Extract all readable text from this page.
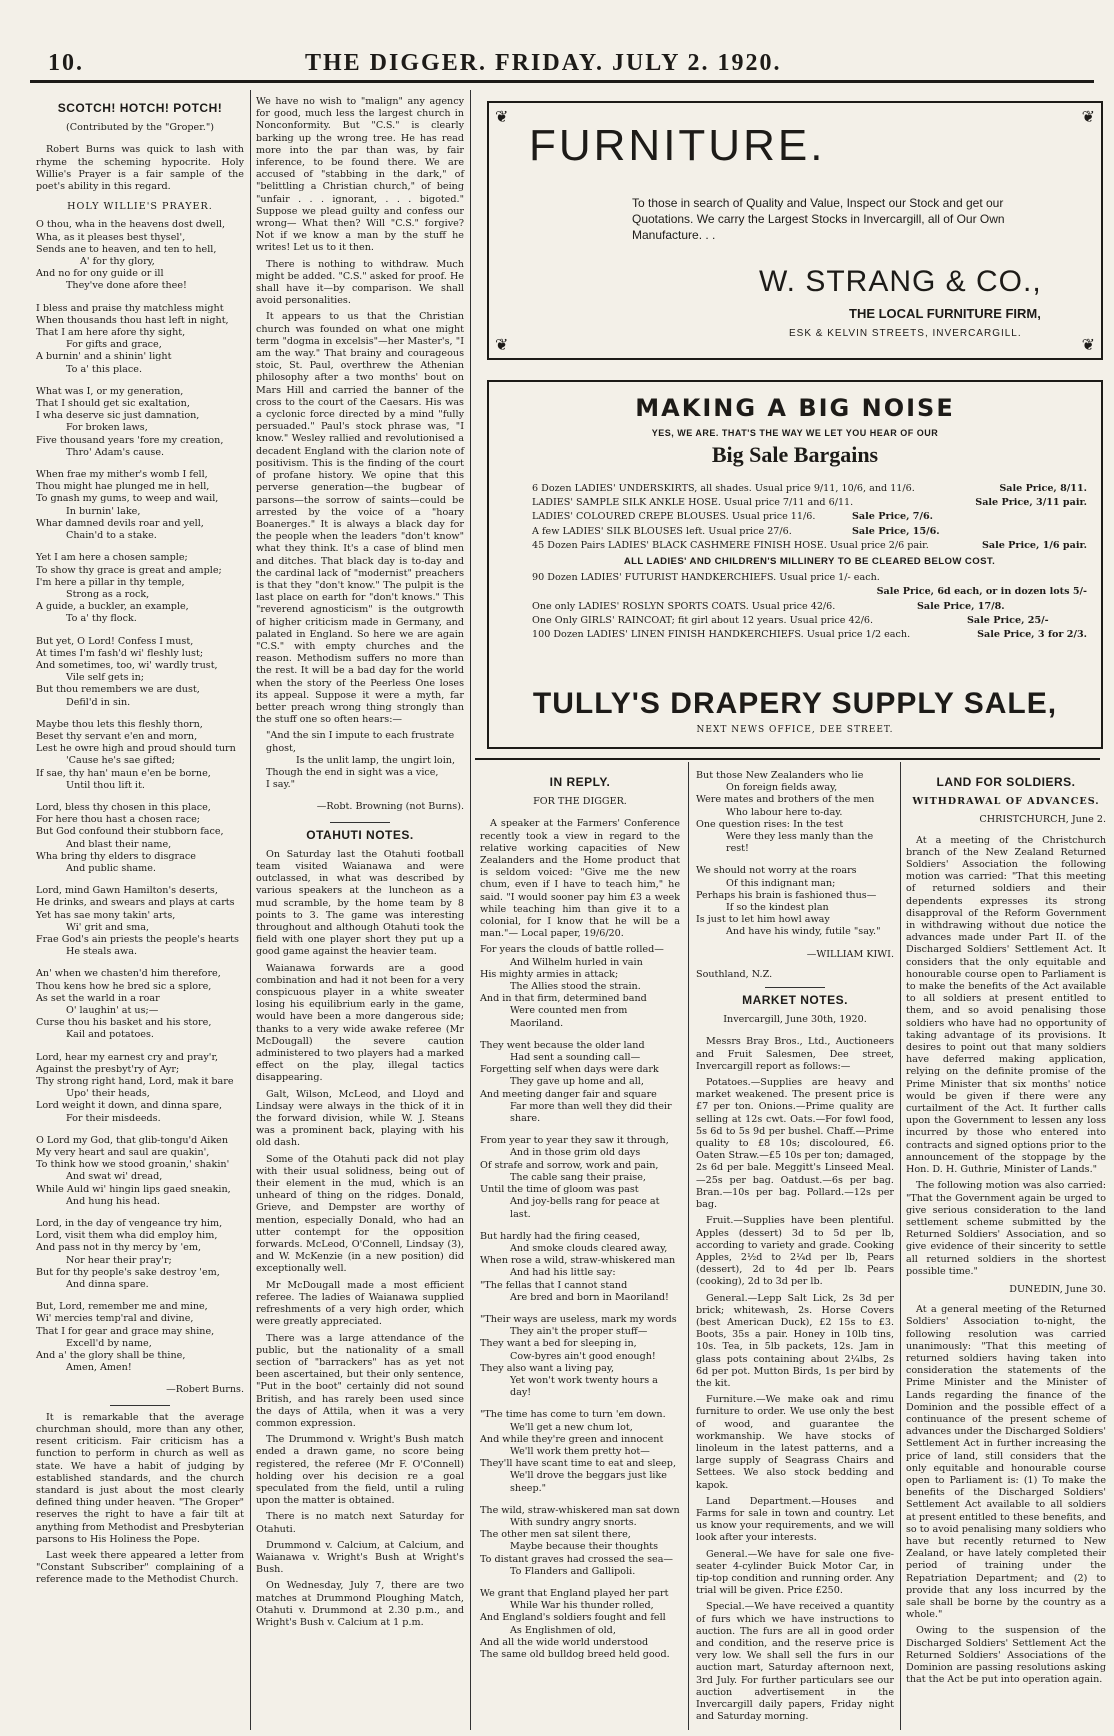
10.	THE DIGGER. FRIDAY. JULY 2. 1920.
SCOTCH! HOTCH! POTCH!
(Contributed by the "Groper.")

Robert Burns was quick to lash with rhyme the scheming hypocrite. Holy Willie's Prayer is a fair sample of the poet's ability in this regard.

HOLY WILLIE'S PRAYER.
O thou, wha in the heavens dost dwell,
Wha, as it pleases best thysel',
Sends ane to heaven, and ten to hell,
A' for thy glory,
And no for ony guide or ill
They've done afore thee!
I bless and praise thy matchless might
When thousands thou hast left in night,
That I am here afore thy sight,
For gifts and grace,
A burnin' and a shinin' light
To a' this place.
What was I, or my generation,
That I should get sic exaltation,
I wha deserve sic just damnation,
For broken laws,
Five thousand years 'fore my creation,
Thro' Adam's cause.
When frae my mither's womb I fell,
Thou might hae plunged me in hell,
To gnash my gums, to weep and wail,
In burnin' lake,
Whar damned devils roar and yell,
Chain'd to a stake.
Yet I am here a chosen sample;
To show thy grace is great and ample;
I'm here a pillar in thy temple,
Strong as a rock,
A guide, a buckler, an example,
To a' thy flock.
But yet, O Lord! Confess I must,
At times I'm fash'd wi' fleshly lust;
And sometimes, too, wi' wardly trust,
Vile self gets in;
But thou remembers we are dust,
Defil'd in sin.
Maybe thou lets this fleshly thorn,
Beset thy servant e'en and morn,
Lest he owre high and proud should turn
'Cause he's sae gifted;
If sae, thy han' maun e'en be borne,
Until thou lift it.
Lord, bless thy chosen in this place,
For here thou hast a chosen race;
But God confound their stubborn face,
And blast their name,
Wha bring thy elders to disgrace
And public shame.
Lord, mind Gawn Hamilton's deserts,
He drinks, and swears and plays at carts
Yet has sae mony takin' arts,
Wi' grit and sma,
Frae God's ain priests the people's hearts
He steals awa.
An' when we chasten'd him therefore,
Thou kens how he bred sic a splore,
As set the warld in a roar
O' laughin' at us;—
Curse thou his basket and his store,
Kail and potatoes.
Lord, hear my earnest cry and pray'r,
Against the presbyt'ry of Ayr;
Thy strong right hand, Lord, mak it bare
Upo' their heads,
Lord weight it down, and dinna spare,
For their misdeeds.
O Lord my God, that glib-tongu'd Aiken
My very heart and saul are quakin',
To think how we stood groanin,' shakin'
And swat wi' dread,
While Auld wi' hingin lips gaed sneakin,
And hung his head.
Lord, in the day of vengeance try him,
Lord, visit them wha did employ him,
And pass not in thy mercy by 'em,
Nor hear their pray'r;
But for thy people's sake destroy 'em,
And dinna spare.
But, Lord, remember me and mine,
Wi' mercies temp'ral and divine,
That I for gear and grace may shine,
Excell'd by name,
And a' the glory shall be thine,
Amen, Amen!
—Robert Burns.

It is remarkable that the average churchman should, more than any other, resent criticism. Fair criticism has a function to perform in church as well as state. We have a habit of judging by established standards, and the church standard is just about the most clearly defined thing under heaven. "The Groper" reserves the right to have a fair tilt at anything from Methodist and Presbyterian parsons to His Holiness the Pope.

Last week there appeared a letter from "Constant Subscriber" complaining of a reference made to the Methodist Church.

We have no wish to "malign" any agency for good, much less the largest church in Nonconformity. But "C.S." is clearly barking up the wrong tree. He has read more into the par than was, by fair inference, to be found there. We are accused of "stabbing in the dark," of "belittling a Christian church," of being "unfair . . . ignorant, . . . bigoted." Suppose we plead guilty and confess our wrong— What then? Will "C.S." forgive? Not if we know a man by the stuff he writes! Let us to it then.

There is nothing to withdraw. Much might be added. "C.S." asked for proof. He shall have it—by comparison. We shall avoid personalities.

It appears to us that the Christian church was founded on what one might term "dogma in excelsis"—her Master's, "I am the way." That brainy and courageous stoic, St. Paul, overthrew the Athenian philosophy after a two months' bout on Mars Hill and carried the banner of the cross to the court of the Caesars. His was a cyclonic force directed by a mind "fully persuaded." Paul's stock phrase was, "I know." Wesley rallied and revolutionised a decadent England with the clarion note of positivism. This is the finding of the court of profane history. We opine that this perverse generation—the bugbear of parsons—the sorrow of saints—could be arrested by the voice of a "hoary Boanerges." It is always a black day for the people when the leaders "don't know" what they think. It's a case of blind men and ditches. That black day is to-day and the cardinal lack of "modernist" preachers is that they "don't know." The pulpit is the last place on earth for "don't knows." This "reverend agnosticism" is the outgrowth of higher criticism made in Germany, and palated in England. So here we are again "C.S." with empty churches and the reason. Methodism suffers no more than the rest. It will be a bad day for the world when the story of the Peerless One loses its appeal. Suppose it were a myth, far better preach wrong thing strongly than the stuff one so often hears:—

"And the sin I impute to each frustrate ghost,
Is the unlit lamp, the ungirt loin,
Though the end in sight was a vice,
I say."
—Robt. Browning (not Burns).
OTAHUTI NOTES.

On Saturday last the Otahuti football team visited Waianawa and were outclassed, in what was described by various speakers at the luncheon as a mud scramble, by the home team by 8 points to 3. The game was interesting throughout and although Otahuti took the field with one player short they put up a good game against the heavier team.

Waianawa forwards are a good combination and had it not been for a very conspicuous player in a white sweater losing his equilibrium early in the game, would have been a more dangerous side; thanks to a very wide awake referee (Mr McDougall) the severe caution administered to two players had a marked effect on the play, illegal tactics disappearing.

Galt, Wilson, McLeod, and Lloyd and Lindsay were always in the thick of it in the forward division, while W. J. Steans was a prominent back, playing with his old dash.

Some of the Otahuti pack did not play with their usual solidness, being out of their element in the mud, which is an unheard of thing on the ridges. Donald, Grieve, and Dempster are worthy of mention, especially Donald, who had an utter contempt for the opposition forwards. McLeod, O'Connell, Lindsay (3), and W. McKenzie (in a new position) did exceptionally well.

Mr McDougall made a most efficient referee. The ladies of Waianawa supplied refreshments of a very high order, which were greatly appreciated.

There was a large attendance of the public, but the nationality of a small section of "barrackers" has as yet not been ascertained, but their only sentence, "Put in the boot" certainly did not sound British, and has rarely been used since the days of Attila, when it was a very common expression.

The Drummond v. Wright's Bush match ended a drawn game, no score being registered, the referee (Mr F. O'Connell) holding over his decision re a goal speculated from the field, until a ruling upon the matter is obtained.

There is no match next Saturday for Otahuti.

Drummond v. Calcium, at Calcium, and Waianawa v. Wright's Bush at Wright's Bush.

On Wednesday, July 7, there are two matches at Drummond Ploughing Match, Otahuti v. Drummond at 2.30 p.m., and Wright's Bush v. Calcium at 1 p.m.

❦	❦
❦	❦
FURNITURE.
To those in search of Quality and Value, Inspect our Stock and get our Quotations. We carry the Largest Stocks in Invercargill, all of Our Own Manufacture. . .
W. STRANG & CO.,
THE LOCAL FURNITURE FIRM,
ESK & KELVIN STREETS, INVERCARGILL.
MAKING A BIG NOISE
YES, WE ARE. THAT'S THE WAY WE LET YOU HEAR OF OUR
Big Sale Bargains
6 Dozen LADIES' UNDERSKIRTS, all shades. Usual price 9/11, 10/6, and 11/6.	Sale Price, 8/11.
LADIES' SAMPLE SILK ANKLE HOSE. Usual price 7/11 and 6/11.	Sale Price, 3/11 pair.
LADIES' COLOURED CREPE BLOUSES. Usual price 11/6.	Sale Price, 7/6.
A few LADIES' SILK BLOUSES left. Usual price 27/6.	Sale Price, 15/6.
45 Dozen Pairs LADIES' BLACK CASHMERE FINISH HOSE. Usual price 2/6 pair.	Sale Price, 1/6 pair.
ALL LADIES' AND CHILDREN'S MILLINERY TO BE CLEARED BELOW COST.
90 Dozen LADIES' FUTURIST HANDKERCHIEFS. Usual price 1/- each.
Sale Price, 6d each, or in dozen lots 5/-
One only LADIES' ROSLYN SPORTS COATS. Usual price 42/6.	Sale Price, 17/8.
One Only GIRLS' RAINCOAT; fit girl about 12 years. Usual price 42/6.	Sale Price, 25/-
100 Dozen LADIES' LINEN FINISH HANDKERCHIEFS. Usual price 1/2 each.	Sale Price, 3 for 2/3.
TULLY'S DRAPERY SUPPLY SALE,
NEXT NEWS OFFICE, DEE STREET.
IN REPLY.
FOR THE DIGGER.

A speaker at the Farmers' Conference recently took a view in regard to the relative working capacities of New Zealanders and the Home product that is seldom voiced: "Give me the new chum, even if I have to teach him," he said. "I would sooner pay him £3 a week while teaching him than give it to a colonial, for I know that he will be a man."— Local paper, 19/6/20.

For years the clouds of battle rolled—
And Wilhelm hurled in vain
His mighty armies in attack;
The Allies stood the strain.
And in that firm, determined band
Were counted men from Maoriland.
They went because the older land
Had sent a sounding call—
Forgetting self when days were dark
They gave up home and all,
And meeting danger fair and square
Far more than well they did their share.
From year to year they saw it through,
And in those grim old days
Of strafe and sorrow, work and pain,
The cable sang their praise,
Until the time of gloom was past
And joy-bells rang for peace at last.
But hardly had the firing ceased,
And smoke clouds cleared away,
When rose a wild, straw-whiskered man
And had his little say:
"The fellas that I cannot stand
Are bred and born in Maoriland!
"Their ways are useless, mark my words
They ain't the proper stuff—
They want a bed for sleeping in,
Cow-byres ain't good enough!
They also want a living pay,
Yet won't work twenty hours a day!
"The time has come to turn 'em down.
We'll get a new chum lot,
And while they're green and innocent
We'll work them pretty hot—
They'll have scant time to eat and sleep,
We'll drove the beggars just like sheep."
The wild, straw-whiskered man sat down
With sundry angry snorts.
The other men sat silent there,
Maybe because their thoughts
To distant graves had crossed the sea—
To Flanders and Gallipoli.
We grant that England played her part
While War his thunder rolled,
And England's soldiers fought and fell
As Englishmen of old,
And all the wide world understood
The same old bulldog breed held good.
But those New Zealanders who lie
On foreign fields away,
Were mates and brothers of the men
Who labour here to-day.
One question rises: In the test
Were they less manly than the rest!
We should not worry at the roars
Of this indignant man;
Perhaps his brain is fashioned thus—
If so the kindest plan
Is just to let him howl away
And have his windy, futile "say."
—WILLIAM KIWI.
Southland, N.Z.
MARKET NOTES.
Invercargill, June 30th, 1920.

Messrs Bray Bros., Ltd., Auctioneers and Fruit Salesmen, Dee street, Invercargill report as follows:—

Potatoes.—Supplies are heavy and market weakened. The present price is £7 per ton. Onions.—Prime quality are selling at 12s cwt. Oats.—For fowl food, 5s 6d to 5s 9d per bushel. Chaff.—Prime quality to £8 10s; discoloured, £6. Oaten Straw.—£5 10s per ton; damaged, 2s 6d per bale. Meggitt's Linseed Meal.—25s per bag. Oatdust.—6s per bag. Bran.—10s per bag. Pollard.—12s per bag.

Fruit.—Supplies have been plentiful. Apples (dessert) 3d to 5d per lb, according to variety and grade. Cooking Apples, 2½d to 2¼d per lb, Pears (dessert), 2d to 4d per lb. Pears (cooking), 2d to 3d per lb.

General.—Lepp Salt Lick, 2s 3d per brick; whitewash, 2s. Horse Covers (best American Duck), £2 15s to £3. Boots, 35s a pair. Honey in 10lb tins, 10s. Tea, in 5lb packets, 12s. Jam in glass pots containing about 2¼lbs, 2s 6d per pot. Mutton Birds, 1s per bird by the kit.

Furniture.—We make oak and rimu furniture to order. We use only the best of wood, and guarantee the workmanship. We have stocks of linoleum in the latest patterns, and a large supply of Seagrass Chairs and Settees. We also stock bedding and kapok.

Land Department.—Houses and Farms for sale in town and country. Let us know your requirements, and we will look after your interests.

General.—We have for sale one five-seater 4-cylinder Buick Motor Car, in tip-top condition and running order. Any trial will be given. Price £250.

Special.—We have received a quantity of furs which we have instructions to auction. The furs are all in good order and condition, and the reserve price is very low. We shall sell the furs in our auction mart, Saturday afternoon next, 3rd July. For further particulars see our auction advertisement in the Invercargill daily papers, Friday night and Saturday morning.

LAND FOR SOLDIERS.
WITHDRAWAL OF ADVANCES.
CHRISTCHURCH, June 2.

At a meeting of the Christchurch branch of the New Zealand Returned Soldiers' Association the following motion was carried: "That this meeting of returned soldiers and their dependents expresses its strong disapproval of the Reform Government in withdrawing without due notice the advances made under Part II. of the Discharged Soldiers' Settlement Act. It considers that the only equitable and honourable course open to Parliament is to make the benefits of the Act available to all soldiers at present entitled to them, and so avoid penalising those soldiers who have had no opportunity of taking advantage of its provisions. It desires to point out that many soldiers have deferred making application, relying on the definite promise of the Prime Minister that six months' notice would be given if there were any curtailment of the Act. It further calls upon the Government to lessen any loss incurred by those who entered into contracts and signed options prior to the announcement of the stoppage by the Hon. D. H. Guthrie, Minister of Lands."

The following motion was also carried: "That the Government again be urged to give serious consideration to the land settlement scheme submitted by the Returned Soldiers' Association, and so give evidence of their sincerity to settle all returned soldiers in the shortest possible time."

DUNEDIN, June 30.

At a general meeting of the Returned Soldiers' Association to-night, the following resolution was carried unanimously: "That this meeting of returned soldiers having taken into consideration the statements of the Prime Minister and the Minister of Lands regarding the finance of the Dominion and the possible effect of a continuance of the present scheme of advances under the Discharged Soldiers' Settlement Act in further increasing the price of land, still considers that the only equitable and honourable course open to Parliament is: (1) To make the benefits of the Discharged Soldiers' Settlement Act available to all soldiers at present entitled to these benefits, and so to avoid penalising many soldiers who have but recently returned to New Zealand, or have lately completed their period of training under the Repatriation Department; and (2) to provide that any loss incurred by the sale shall be borne by the country as a whole."

Owing to the suspension of the Discharged Soldiers' Settlement Act the Returned Soldiers' Associations of the Dominion are passing resolutions asking that the Act be put into operation again.
